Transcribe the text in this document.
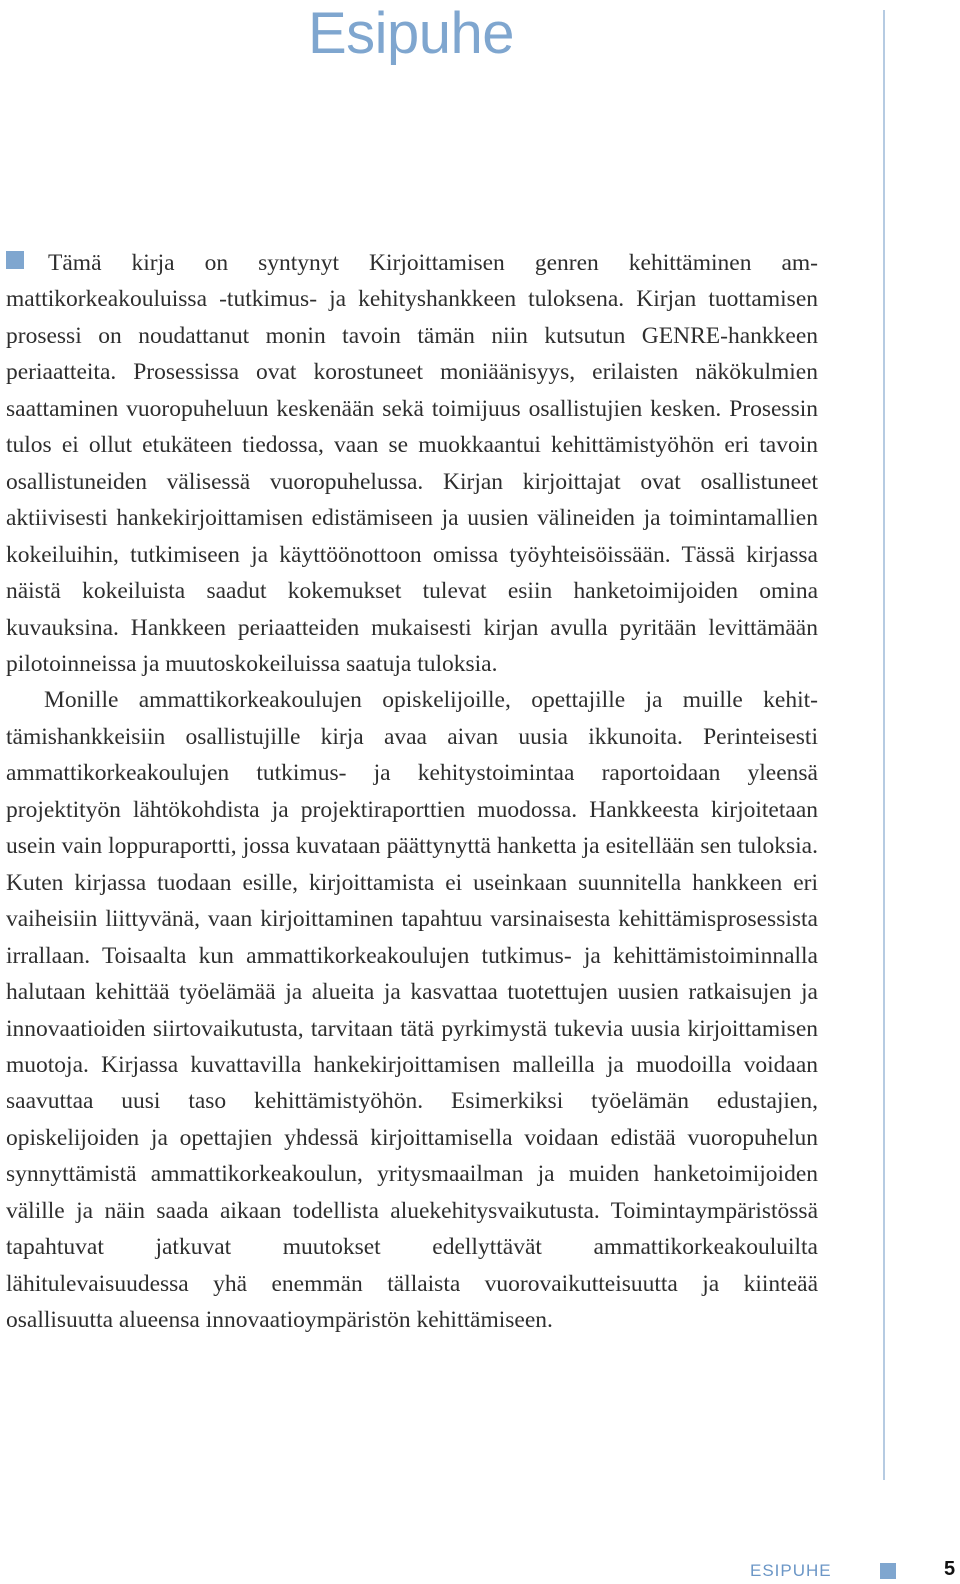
Esipuhe

Tämä kirja on syntynyt Kirjoittamisen genren kehittäminen ammattikorkeakouluissa -tutkimus- ja kehityshankkeen tuloksena. Kirjan tuottamisen prosessi on noudattanut monin tavoin tämän niin kutsutun GENRE-hankkeen periaatteita. Prosessissa ovat korostuneet moniäänisyys, erilaisten näkökulmien saattaminen vuoropuheluun keskenään sekä toimijuus osallistujien kesken. Prosessin tulos ei ollut etukäteen tiedossa, vaan se muokkaantui kehittämistyöhön eri tavoin osallistuneiden välisessä vuoropuhelussa. Kirjan kirjoittajat ovat osallistuneet aktiivisesti hankekirjoittamisen edistämiseen ja uusien välineiden ja toimintamallien kokeiluihin, tutkimiseen ja käyttöönottoon omissa työyhteisöissään. Tässä kirjassa näistä kokeiluista saadut kokemukset tulevat esiin hanketoimijoiden omina kuvauksina. Hankkeen periaatteiden mukaisesti kirjan avulla pyritään levittämään pilotoinneissa ja muutoskokeiluissa saatuja tuloksia.

Monille ammattikorkeakoulujen opiskelijoille, opettajille ja muille kehittämishankkeisiin osallistujille kirja avaa aivan uusia ikkunoita. Perinteisesti ammattikorkeakoulujen tutkimus- ja kehitystoimintaa raportoidaan yleensä projektityön lähtökohdista ja projektiraporttien muodossa. Hankkeesta kirjoitetaan usein vain loppuraportti, jossa kuvataan päättynyttä hanketta ja esitellään sen tuloksia. Kuten kirjassa tuodaan esille, kirjoittamista ei useinkaan suunnitella hankkeen eri vaiheisiin liittyvänä, vaan kirjoittaminen tapahtuu varsinaisesta kehittämisprosessista irrallaan. Toisaalta kun ammattikorkeakoulujen tutkimus- ja kehittämistoiminnalla halutaan kehittää työelämää ja alueita ja kasvattaa tuotettujen uusien ratkaisujen ja innovaatioiden siirtovaikutusta, tarvitaan tätä pyrkimystä tukevia uusia kirjoittamisen muotoja. Kirjassa kuvattavilla hankekirjoittamisen malleilla ja muodoilla voidaan saavuttaa uusi taso kehittämistyöhön. Esimerkiksi työelämän edustajien, opiskelijoiden ja opettajien yhdessä kirjoittamisella voidaan edistää vuoropuhelun synnyttämistä ammattikorkeakoulun, yritysmaailman ja muiden hanketoimijoiden välille ja näin saada aikaan todellista aluekehitysvaikutusta. Toimintaympäristössä tapahtuvat jatkuvat muutokset edellyttävät ammattikorkeakouluilta lähitulevaisuudessa yhä enemmän tällaista vuorovaikutteisuutta ja kiinteää osallisuutta alueensa innovaatioympäristön kehittämiseen.

ESIPUHE	5
